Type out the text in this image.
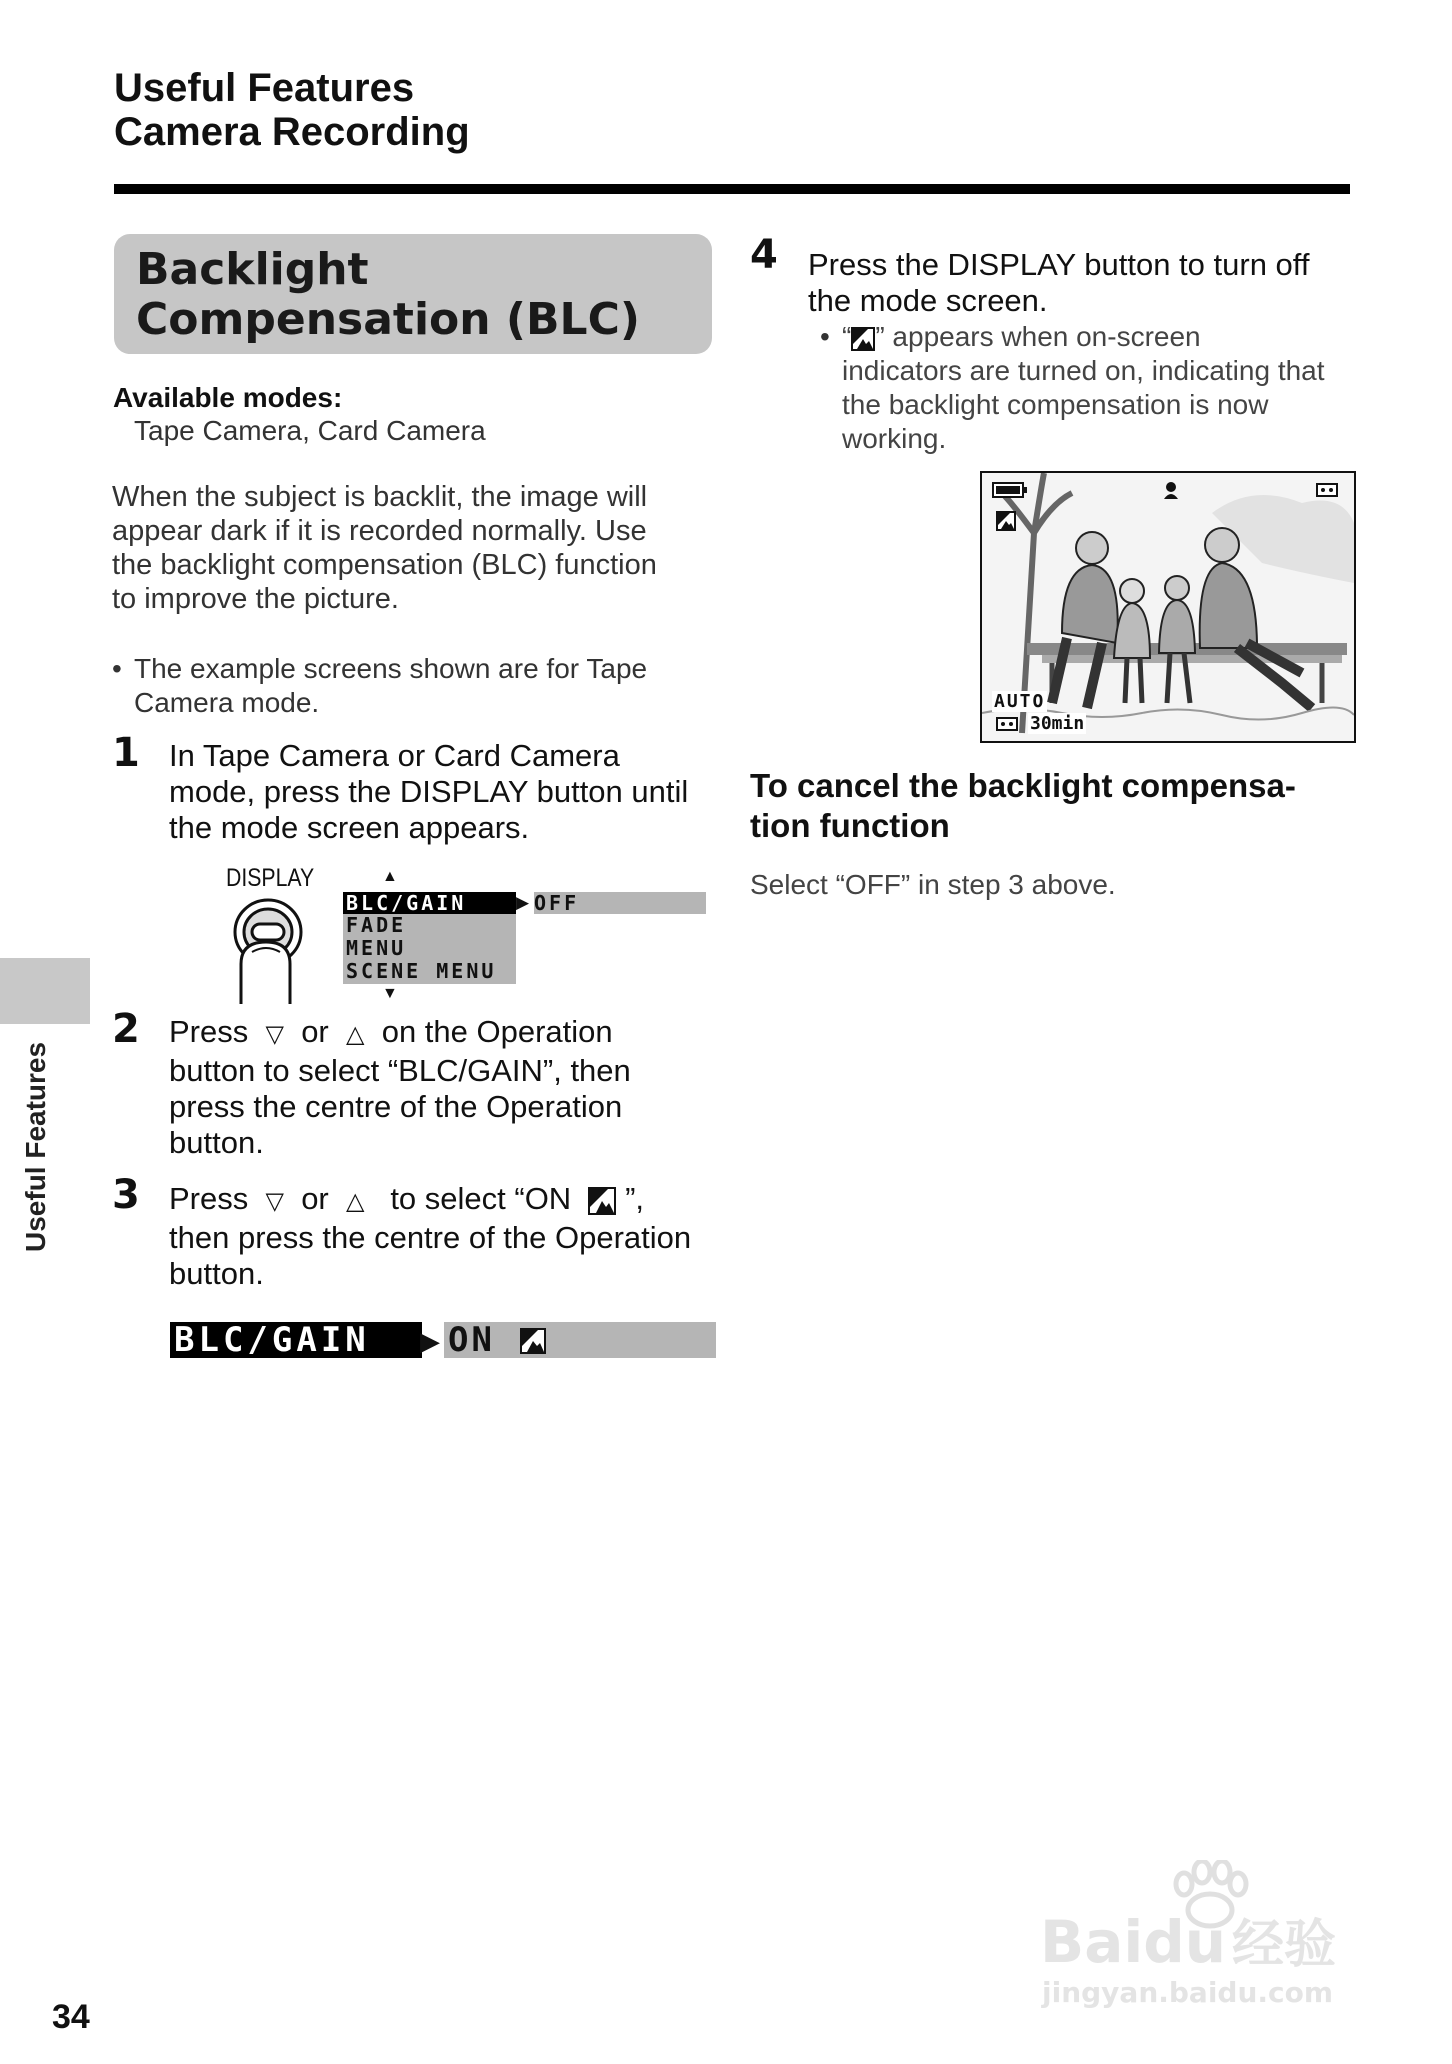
Useful Features
Camera Recording
Backlight
Compensation (BLC)
Available modes:
Tape Camera, Card Camera
When the subject is backlit, the image will
appear dark if it is recorded normally. Use
the backlight compensation (BLC) function
to improve the picture.
• The example screens shown are for Tape
Camera mode.
1 In Tape Camera or Card Camera
mode, press the DISPLAY button until
the mode screen appears.
DISPLAY	▲
BLC/GAIN
FADE
MENU
SCENE MENU
▶ OFF
▼
2 Press ▽ or △ on the Operation
button to select “BLC/GAIN”, then
press the centre of the Operation
button.
3 Press ▽ or △ to select “ON ”,
then press the centre of the Operation
button.
BLC/GAIN	▶ ON
4 Press the DISPLAY button to turn off
the mode screen.
• “ ” appears when on-screen
indicators are turned on, indicating that
the backlight compensation is now
working.
AUTO
30min
To cancel the backlight compensa-
tion function
Select “OFF” in step 3 above.
Useful Features
34
Baidu 经验
jingyan.baidu.com
